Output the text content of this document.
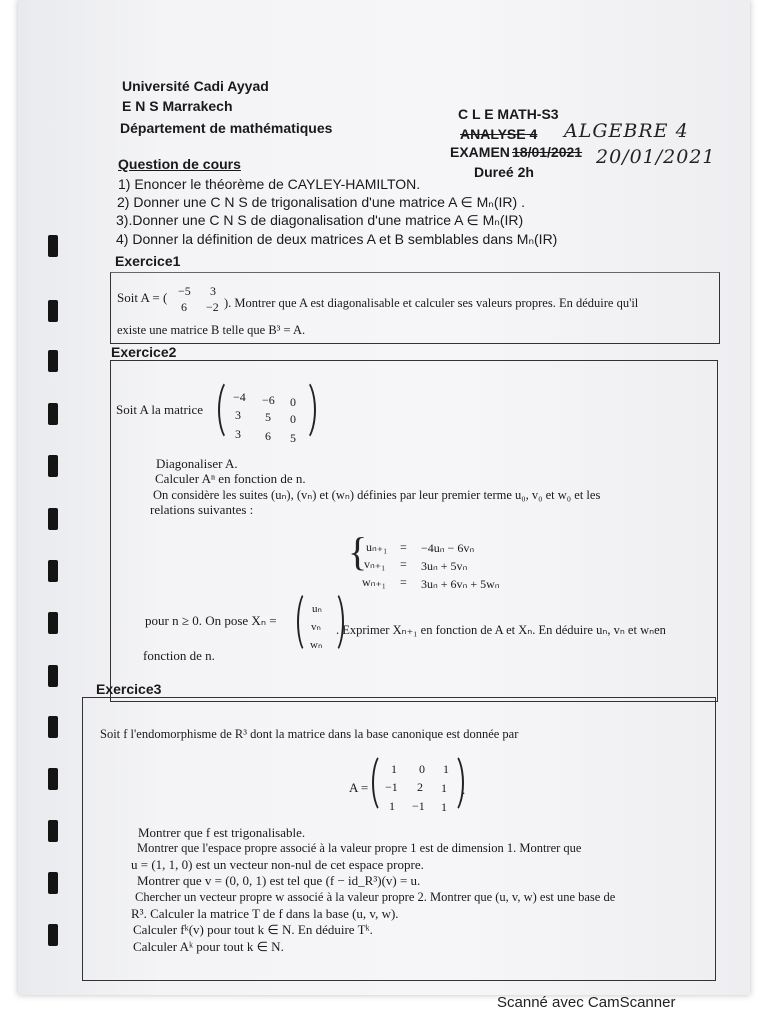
Université Cadi Ayyad
E N S Marrakech
Département de mathématiques
C L E MATH-S3
ANALYSE 4 ALGEBRE 4
EXAMEN 18/01/2021 20/01/2021
Dureé 2h
Question de cours
1) Enoncer le théorème de CAYLEY-HAMILTON.
2) Donner une C N S de trigonalisation d'une matrice A ∈ Mₙ(IR) .
3).Donner une C N S de diagonalisation d'une matrice A ∈ Mₙ(IR)
4) Donner la définition de deux matrices A et B semblables dans Mₙ(IR)
Exercice1
Soit A = ( −5 3
6 −2 ). Montrer que A est diagonalisable et calculer ses valeurs propres. En déduire qu'il
existe une matrice B telle que B³ = A.
Exercice2
Soit A la matrice
−4 −6 0
3 5 0
3 6 5
.
Diagonaliser A.
Calculer Aⁿ en fonction de n.
On considère les suites (uₙ), (vₙ) et (wₙ) définies par leur premier terme u₀, v₀ et w₀ et les
relations suivantes :
{
uₙ₊₁
vₙ₊₁
wₙ₊₁
=
=
=
−4uₙ − 6vₙ
3uₙ + 5vₙ
3uₙ + 6vₙ + 5wₙ
pour n ≥ 0. On pose Xₙ =
uₙ
vₙ
wₙ
. Exprimer Xₙ₊₁ en fonction de A et Xₙ. En déduire uₙ, vₙ et wₙen
fonction de n.
Exercice3
Soit f l'endomorphisme de R³ dont la matrice dans la base canonique est donnée par
A =
1 0 1
−1 2 1
1 −1 1
.
Montrer que f est trigonalisable.
Montrer que l'espace propre associé à la valeur propre 1 est de dimension 1. Montrer que
u = (1, 1, 0) est un vecteur non-nul de cet espace propre.
Montrer que v = (0, 0, 1) est tel que (f − id_R³)(v) = u.
Chercher un vecteur propre w associé à la valeur propre 2. Montrer que (u, v, w) est une base de
R³. Calculer la matrice T de f dans la base (u, v, w).
Calculer fᵏ(v) pour tout k ∈ N. En déduire Tᵏ.
Calculer Aᵏ pour tout k ∈ N.
Scanné avec CamScanner
